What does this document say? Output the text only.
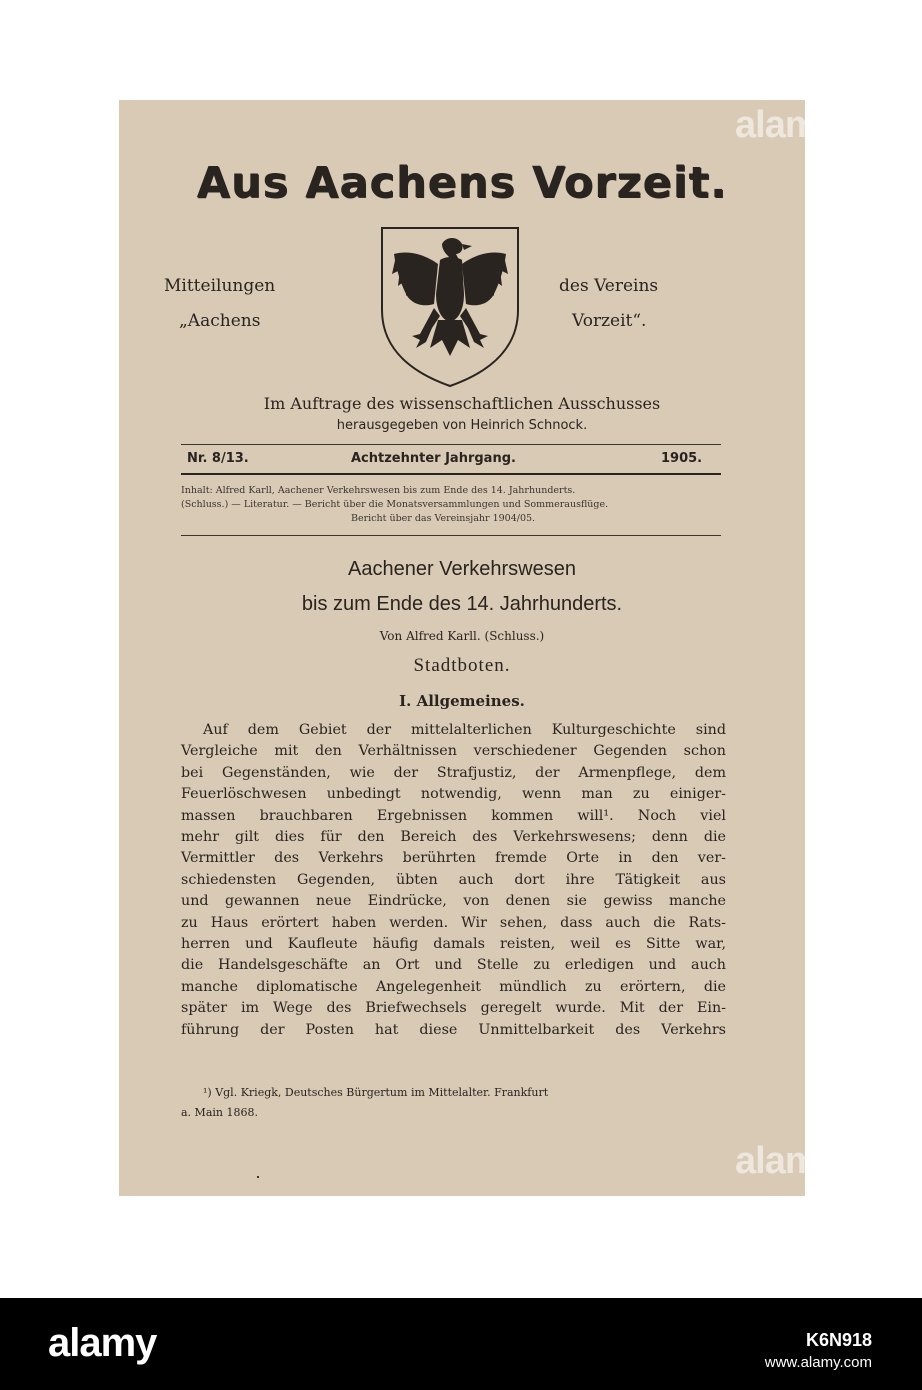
Aus Aachens Vorzeit.
Mitteilungen
„Aachens
des Vereins
Vorzeit“.
Im Auftrage des wissenschaftlichen Ausschusses
herausgegeben von Heinrich Schnock.
Nr. 8/13.	Achtzehnter Jahrgang.	1905.
Inhalt: Alfred Karll, Aachener Verkehrswesen bis zum Ende des 14. Jahrhunderts.
(Schluss.) — Literatur. — Bericht über die Monatsversammlungen und Sommerausflüge.
Bericht über das Vereinsjahr 1904/05.
Aachener Verkehrswesen
bis zum Ende des 14. Jahrhunderts.
Von Alfred Karll. (Schluss.)
Stadtboten.
I. Allgemeines.
Auf dem Gebiet der mittelalterlichen Kulturgeschichte sind
Vergleiche mit den Verhältnissen verschiedener Gegenden schon
bei Gegenständen, wie der Strafjustiz, der Armenpflege, dem
Feuerlöschwesen unbedingt notwendig, wenn man zu einiger-
massen brauchbaren Ergebnissen kommen will¹. Noch viel
mehr gilt dies für den Bereich des Verkehrswesens; denn die
Vermittler des Verkehrs berührten fremde Orte in den ver-
schiedensten Gegenden, übten auch dort ihre Tätigkeit aus
und gewannen neue Eindrücke, von denen sie gewiss manche
zu Haus erörtert haben werden. Wir sehen, dass auch die Rats-
herren und Kaufleute häufig damals reisten, weil es Sitte war,
die Handelsgeschäfte an Ort und Stelle zu erledigen und auch
manche diplomatische Angelegenheit mündlich zu erörtern, die
später im Wege des Briefwechsels geregelt wurde. Mit der Ein-
führung der Posten hat diese Unmittelbarkeit des Verkehrs
¹) Vgl. Kriegk, Deutsches Bürgertum im Mittelalter. Frankfurt
a. Main 1868.
alamy
alamy
alamy	K6N918
www.alamy.com
